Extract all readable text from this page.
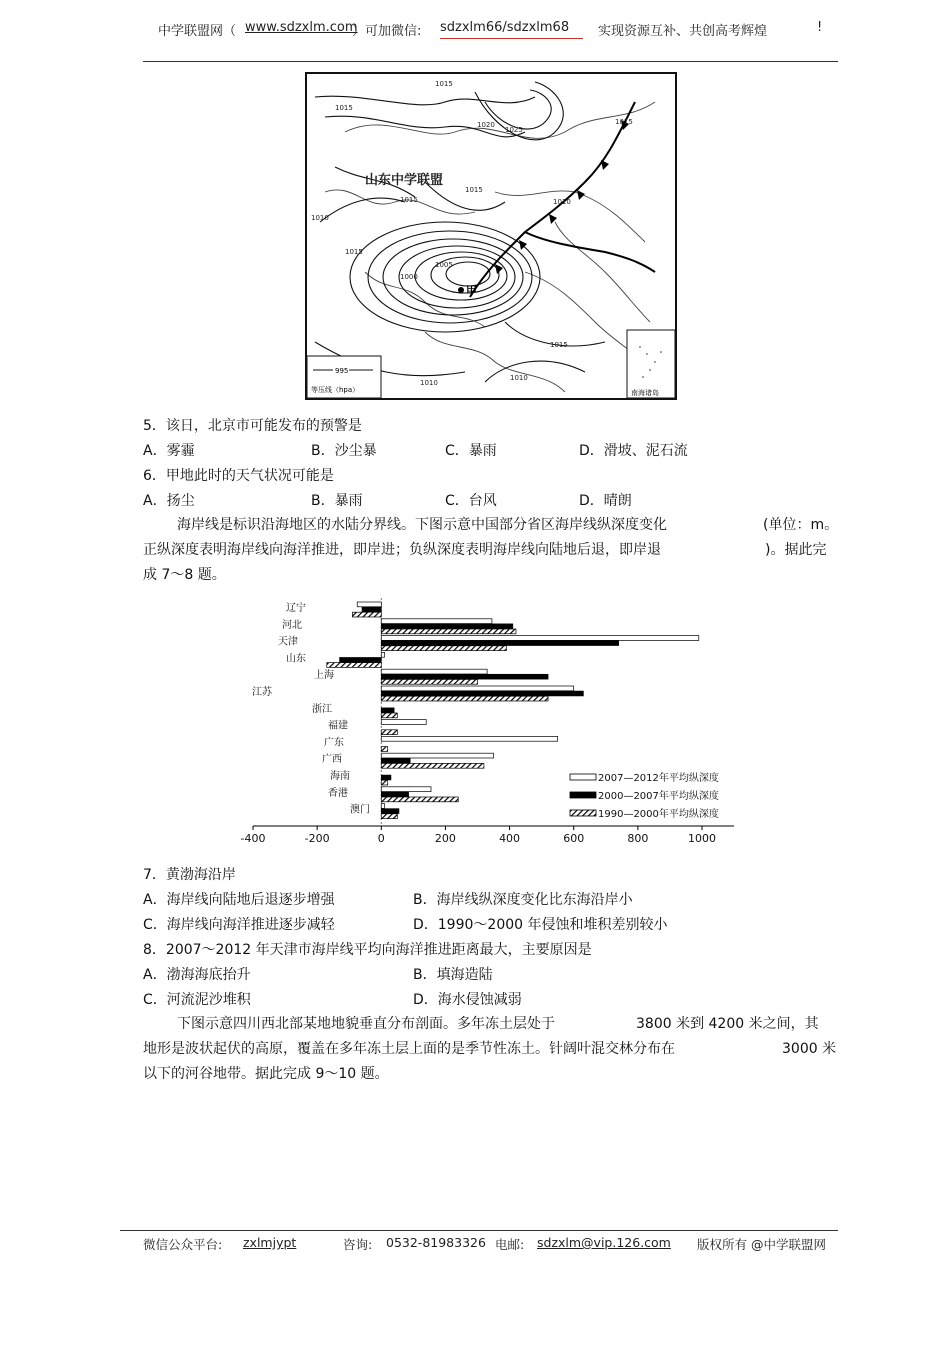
中学联盟网（ www.sdzxlm.com
）可加微信: sdzxlm66/sdzxlm68 实现资源互补、共创高考辉煌	!
山东中学联盟
1015
1015
1020
1025
1015
1015
1010
1015
1000
1005
1015
1010
1010
1015
1010
甲
995
等压线（hpa）	南海诸岛
5．该日，北京市可能发布的预警是
A．雾霾	B．沙尘暴	C．暴雨	D．滑坡、泥石流
6．甲地此时的天气状况可能是
A．扬尘	B．暴雨	C．台风	D．晴朗
海岸线是标识沿海地区的水陆分界线。下图示意中国部分省区海岸线纵深度变化	(单位：m。
正纵深度表明海岸线向海洋推进，即岸进；负纵深度表明海岸线向陆地后退，即岸退	)。据此完
成 7～8 题。
辽宁
河北
天津
山东
上海
江苏
浙江
福建
广东
广西
海南
香港
澳门
-400	-200	0	200	400	600	800	1000
2007—2012年平均纵深度
2000—2007年平均纵深度
1990—2000年平均纵深度
7．黄渤海沿岸
A．海岸线向陆地后退逐步增强	B．海岸线纵深度变化比东海沿岸小
C．海岸线向海洋推进逐步减轻	D．1990～2000 年侵蚀和堆积差别较小
8．2007～2012 年天津市海岸线平均向海洋推进距离最大，主要原因是
A．渤海海底抬升	B．填海造陆
C．河流泥沙堆积	D．海水侵蚀减弱
下图示意四川西北部某地地貌垂直分布剖面。多年冻土层处于	3800 米到 4200 米之间，其
地形是波状起伏的高原，覆盖在多年冻土层上面的是季节性冻土。针阔叶混交林分布在	3000 米
以下的河谷地带。据此完成 9～10 题。
微信公众平台: zxlmjypt	咨询: 0532-81983326 电邮: sdzxlm@vip.126.com 版权所有 @中学联盟网
